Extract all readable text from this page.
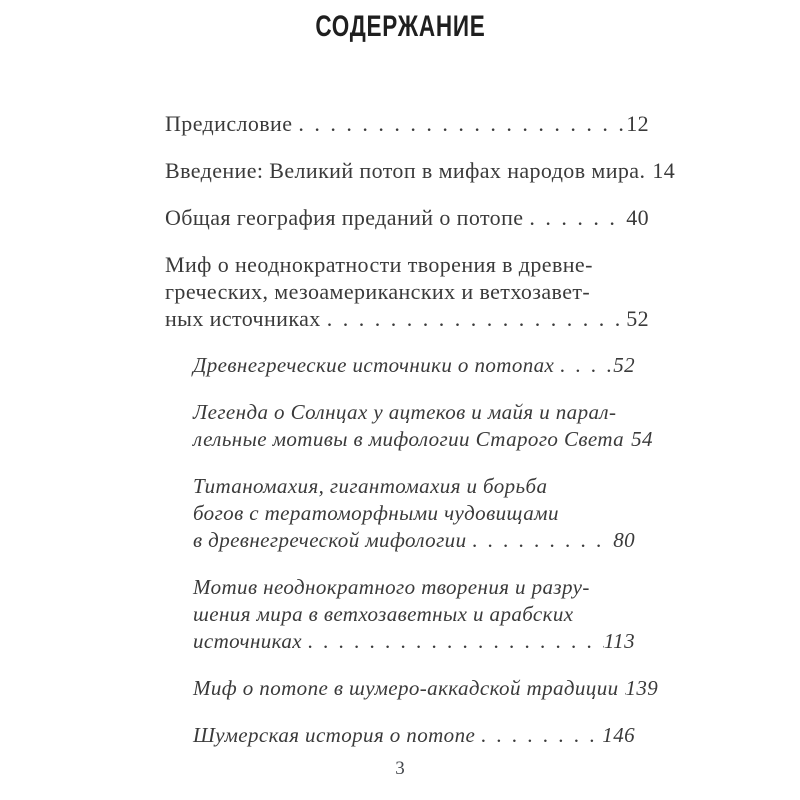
СОДЕРЖАНИЕ
Предисловие . . .	12
Введение: Великий потоп в мифах народов мира. . . . 14
Общая география преданий о потопе . . .	40
Миф о неоднократности творения в древне-
греческих, мезоамериканских и ветхозавет-
ных источниках . . .	52
Древнегреческие источники о потопах . . .	52
Легенда о Солнцах у ацтеков и майя и парал-
лельные мотивы в мифологии Старого Света . . . 54
Титаномахия, гигантомахия и борьба
богов с тератоморфными чудовищами
в древнегреческой мифологии . . .	80
Мотив неоднократного творения и разру-
шения мира в ветхозаветных и арабских
источниках . . .	113
Миф о потопе в шумеро-аккадской традиции . . . 139
Шумерская история о потопе . . .	146
3
